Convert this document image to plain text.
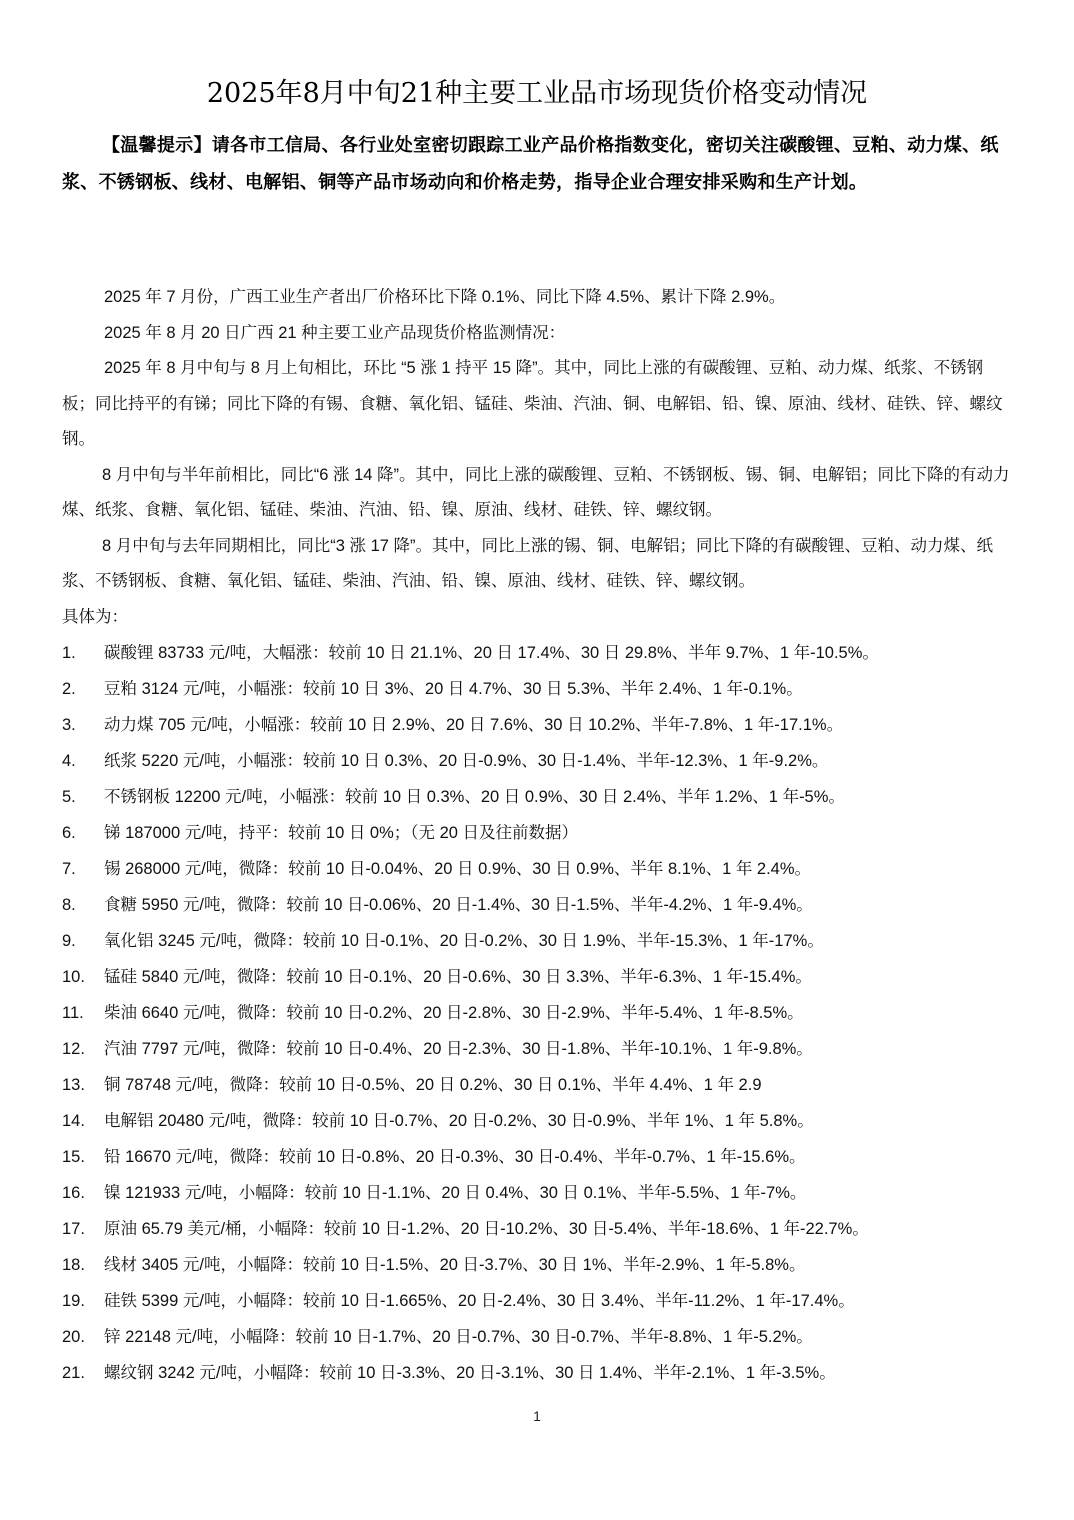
2025年8月中旬21种主要工业品市场现货价格变动情况

【温馨提示】请各市工信局、各行业处室密切跟踪工业产品价格指数变化，密切关注碳酸锂、豆粕、动力煤、纸浆、不锈钢板、线材、电解铝、铜等产品市场动向和价格走势，指导企业合理安排采购和生产计划。

2025 年 7 月份，广西工业生产者出厂价格环比下降 0.1%、同比下降 4.5%、累计下降 2.9%。

2025 年 8 月 20 日广西 21 种主要工业产品现货价格监测情况：

2025 年 8 月中旬与 8 月上旬相比，环比 “5 涨 1 持平 15 降”。其中，同比上涨的有碳酸锂、豆粕、动力煤、纸浆、不锈钢板；同比持平的有锑；同比下降的有锡、食糖、氧化铝、锰硅、柴油、汽油、铜、电解铝、铅、镍、原油、线材、硅铁、锌、螺纹钢。

8 月中旬与半年前相比，同比“6 涨 14 降”。其中，同比上涨的碳酸锂、豆粕、不锈钢板、锡、铜、电解铝；同比下降的有动力煤、纸浆、食糖、氧化铝、锰硅、柴油、汽油、铅、镍、原油、线材、硅铁、锌、螺纹钢。

8 月中旬与去年同期相比，同比“3 涨 17 降”。其中，同比上涨的锡、铜、电解铝；同比下降的有碳酸锂、豆粕、动力煤、纸浆、不锈钢板、食糖、氧化铝、锰硅、柴油、汽油、铅、镍、原油、线材、硅铁、锌、螺纹钢。

具体为：

1.	碳酸锂 83733 元/吨，大幅涨：较前 10 日 21.1%、20 日 17.4%、30 日 29.8%、半年 9.7%、1 年-10.5%。
2.	豆粕 3124 元/吨，小幅涨：较前 10 日 3%、20 日 4.7%、30 日 5.3%、半年 2.4%、1 年-0.1%。
3.	动力煤 705 元/吨，小幅涨：较前 10 日 2.9%、20 日 7.6%、30 日 10.2%、半年-7.8%、1 年-17.1%。
4.	纸浆 5220 元/吨，小幅涨：较前 10 日 0.3%、20 日-0.9%、30 日-1.4%、半年-12.3%、1 年-9.2%。
5.	不锈钢板 12200 元/吨，小幅涨：较前 10 日 0.3%、20 日 0.9%、30 日 2.4%、半年 1.2%、1 年-5%。
6.	锑 187000 元/吨，持平：较前 10 日 0%；（无 20 日及往前数据）
7.	锡 268000 元/吨，微降：较前 10 日-0.04%、20 日 0.9%、30 日 0.9%、半年 8.1%、1 年 2.4%。
8.	食糖 5950 元/吨，微降：较前 10 日-0.06%、20 日-1.4%、30 日-1.5%、半年-4.2%、1 年-9.4%。
9.	氧化铝 3245 元/吨，微降：较前 10 日-0.1%、20 日-0.2%、30 日 1.9%、半年-15.3%、1 年-17%。
10.	锰硅 5840 元/吨，微降：较前 10 日-0.1%、20 日-0.6%、30 日 3.3%、半年-6.3%、1 年-15.4%。
11.	柴油 6640 元/吨，微降：较前 10 日-0.2%、20 日-2.8%、30 日-2.9%、半年-5.4%、1 年-8.5%。
12.	汽油 7797 元/吨，微降：较前 10 日-0.4%、20 日-2.3%、30 日-1.8%、半年-10.1%、1 年-9.8%。
13.	铜 78748 元/吨，微降：较前 10 日-0.5%、20 日 0.2%、30 日 0.1%、半年 4.4%、1 年 2.9
14.	电解铝 20480 元/吨，微降：较前 10 日-0.7%、20 日-0.2%、30 日-0.9%、半年 1%、1 年 5.8%。
15.	铅 16670 元/吨，微降：较前 10 日-0.8%、20 日-0.3%、30 日-0.4%、半年-0.7%、1 年-15.6%。
16.	镍 121933 元/吨，小幅降：较前 10 日-1.1%、20 日 0.4%、30 日 0.1%、半年-5.5%、1 年-7%。
17.	原油 65.79 美元/桶，小幅降：较前 10 日-1.2%、20 日-10.2%、30 日-5.4%、半年-18.6%、1 年-22.7%。
18.	线材 3405 元/吨，小幅降：较前 10 日-1.5%、20 日-3.7%、30 日 1%、半年-2.9%、1 年-5.8%。
19.	硅铁 5399 元/吨，小幅降：较前 10 日-1.665%、20 日-2.4%、30 日 3.4%、半年-11.2%、1 年-17.4%。
20.	锌 22148 元/吨，小幅降：较前 10 日-1.7%、20 日-0.7%、30 日-0.7%、半年-8.8%、1 年-5.2%。
21.	螺纹钢 3242 元/吨，小幅降：较前 10 日-3.3%、20 日-3.1%、30 日 1.4%、半年-2.1%、1 年-3.5%。
1
